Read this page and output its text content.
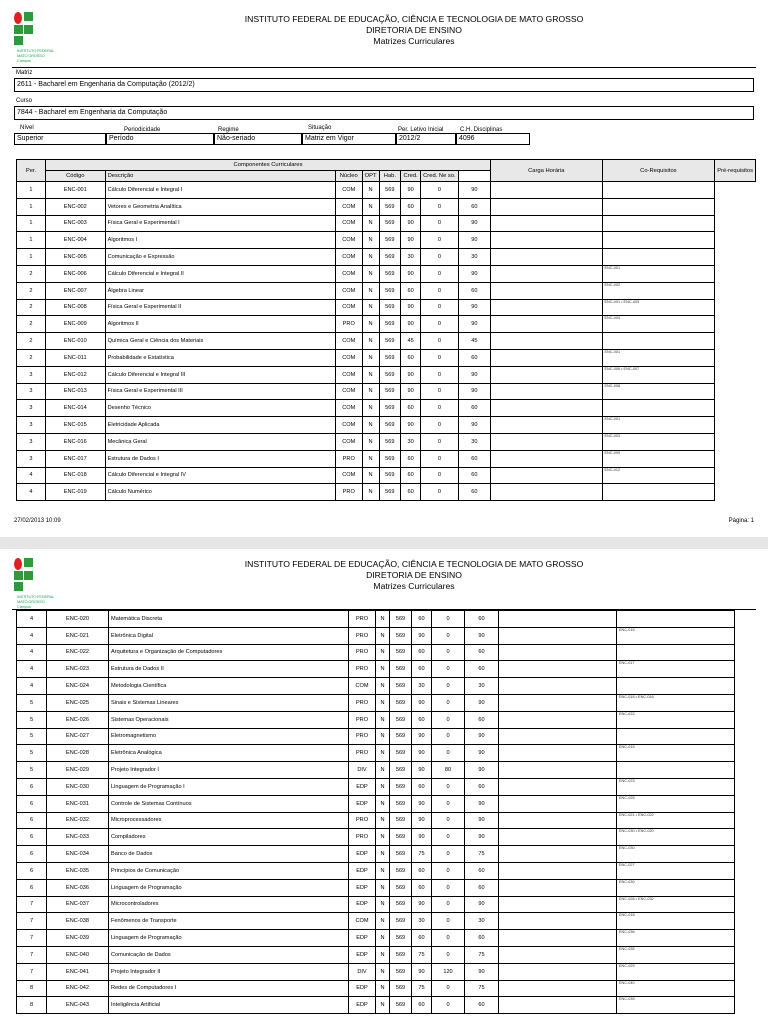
INSTITUTO FEDERAL
MATO GROSSO
Campus
INSTITUTO FEDERAL DE EDUCAÇÃO, CIÊNCIA E TECNOLOGIA DE MATO GROSSO
DIRETORIA DE ENSINO
Matrizes Curriculares
Matriz
2611 - Bacharel em Engenharia da Computação (2012/2)
Curso
7844 - Bacharel em Engenharia da Computação
Nível
Superior
Periodicidade
Período
Regime
Não-seriado
Situação
Matriz em Vigor
Per. Letivo Inicial
2012/2
C.H. Disciplinas
4096
Per.	Componentes Curriculares								Carga Horária	Co-Requisitos	Pré-requisitos
	Código	Descrição	Núcleo	OPT	Hab.	Cred.	Cred. Ne so.				
1	ENC-001	Cálculo Diferencial e Integral I	COM	N	569	90	0	90			
1	ENC-002	Vetores e Geometria Analítica	COM	N	569	60	0	60			
1	ENC-003	Física Geral e Experimental I	COM	N	569	90	0	90			
1	ENC-004	Algoritmos I	COM	N	569	90	0	90			
1	ENC-005	Comunicação e Expressão	COM	N	569	30	0	30			
2	ENC-006	Cálculo Diferencial e Integral II	COM	N	569	90	0	90		ENC-001	
2	ENC-007	Álgebra Linear	COM	N	569	60	0	60		ENC-002	
2	ENC-008	Física Geral e Experimental II	COM	N	569	90	0	90		ENC-001 • ENC-003	
2	ENC-009	Algoritmos II	PRO	N	569	90	0	90		ENC-004	
2	ENC-010	Química Geral e Ciência dos Materiais	COM	N	569	45	0	45			
2	ENC-011	Probabilidade e Estatística	COM	N	569	60	0	60		ENC-001	
3	ENC-012	Cálculo Diferencial e Integral III	COM	N	569	90	0	90		ENC-006 • ENC-007	
3	ENC-013	Física Geral e Experimental III	COM	N	569	90	0	90		ENC-008	
3	ENC-014	Desenho Técnico	COM	N	569	60	0	60			
3	ENC-015	Eletricidade Aplicada	COM	N	569	90	0	90		ENC-001	
3	ENC-016	Mecânica Geral	COM	N	569	30	0	30		ENC-003	
3	ENC-017	Estrutura de Dados I	PRO	N	569	60	0	60		ENC-009	
4	ENC-018	Cálculo Diferencial e Integral IV	COM	N	569	60	0	60		ENC-012	
4	ENC-019	Cálculo Numérico	PRO	N	569	60	0	60			
27/02/2013 10:09	Página: 1
INSTITUTO FEDERAL
MATO GROSSO
Campus
INSTITUTO FEDERAL DE EDUCAÇÃO, CIÊNCIA E TECNOLOGIA DE MATO GROSSO
DIRETORIA DE ENSINO
Matrizes Curriculares
4	ENC-020	Matemática Discreta	PRO	N	569	60	0	60		
4	ENC-021	Eletrônica Digital	PRO	N	569	90	0	90		ENC-015
4	ENC-022	Arquitetura e Organização de Computadores	PRO	N	569	60	0	60		
4	ENC-023	Estrutura de Dados II	PRO	N	569	60	0	60		ENC-017
4	ENC-024	Metodologia Científica	COM	N	569	30	0	30		
5	ENC-025	Sinais e Sistemas Lineares	PRO	N	569	90	0	90		ENC-018 • ENC-016
5	ENC-026	Sistemas Operacionais	PRO	N	569	60	0	60		ENC-022
5	ENC-027	Eletromagnetismo	PRO	N	569	90	0	90		
5	ENC-028	Eletrônica Analógica	PRO	N	569	90	0	90		ENC-015
5	ENC-029	Projeto Integrador I	DIV	N	569	90	80	90		
6	ENC-030	Linguagem de Programação I	EDP	N	569	60	0	60		ENC-023
6	ENC-031	Controle de Sistemas Contínuos	EDP	N	569	90	0	90		ENC-025
6	ENC-032	Microprocessadores	PRO	N	569	90	0	90		ENC-021 • ENC-022
6	ENC-033	Compiladores	PRO	N	569	90	0	90		ENC-030 • ENC-020
6	ENC-034	Banco de Dados	EDP	N	569	75	0	75		ENC-030
6	ENC-035	Princípios de Comunicação	EDP	N	569	60	0	60		ENC-027
6	ENC-036	Linguagem de Programação	EDP	N	569	60	0	60		ENC-030
7	ENC-037	Microcontroladores	EDP	N	569	90	0	90		ENC-028 • ENC-032
7	ENC-038	Fenômenos de Transporte	COM	N	569	30	0	30		ENC-018
7	ENC-039	Linguagem de Programação	EDP	N	569	60	0	60		ENC-036
7	ENC-040	Comunicação de Dados	EDP	N	569	75	0	75		ENC-035
7	ENC-041	Projeto Integrador II	DIV	N	569	90	120	90		ENC-029
8	ENC-042	Redes de Computadores I	EDP	N	569	75	0	75		ENC-040
8	ENC-043	Inteligência Artificial	EDP	N	569	60	0	60		ENC-039
